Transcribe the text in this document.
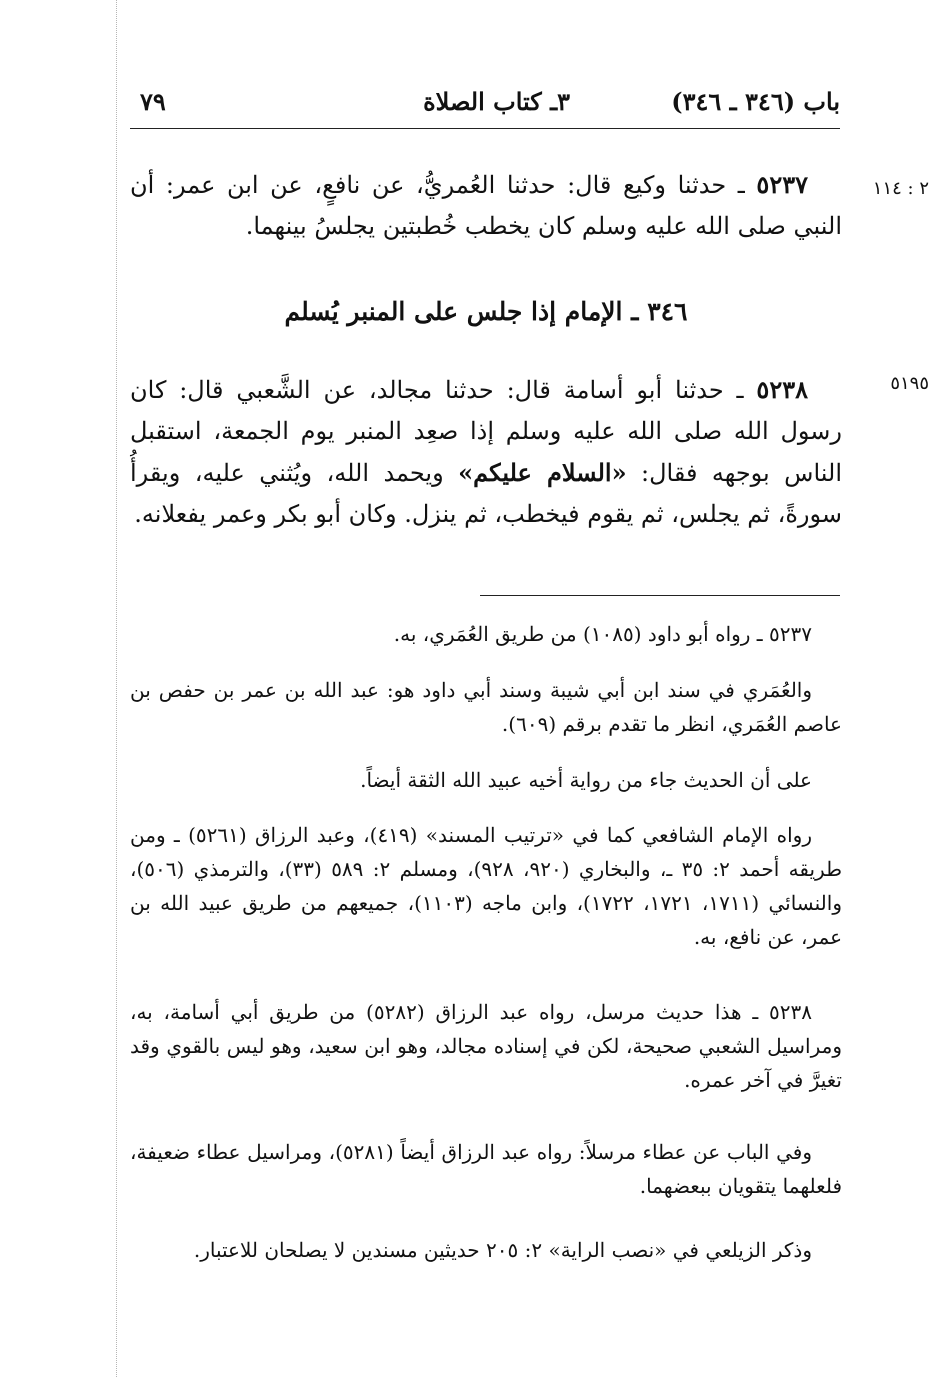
باب (٣٤٦ ـ ٣٤٦)
٣ـ كتاب الصلاة
٧٩
٢ : ١١٤
٥١٩٥

٥٢٣٧ ـ حدثنا وكيع قال: حدثنا العُمريُّ، عن نافعٍ، عن ابن عمر: أن النبي صلى الله عليه وسلم كان يخطب خُطبتين يجلسُ بينهما.

٣٤٦ ـ الإمام إذا جلس على المنبر يُسلم

٥٢٣٨ ـ حدثنا أبو أسامة قال: حدثنا مجالد، عن الشَّعبي قال: كان رسول الله صلى الله عليه وسلم إذا صعِد المنبر يوم الجمعة، استقبل الناس بوجهه فقال: «السلام عليكم» ويحمد الله، ويُثني عليه، ويقرأُ سورةً، ثم يجلس، ثم يقوم فيخطب، ثم ينزل. وكان أبو بكر وعمر يفعلانه.

٥٢٣٧ ـ رواه أبو داود (١٠٨٥) من طريق العُمَري، به.

والعُمَري في سند ابن أبي شيبة وسند أبي داود هو: عبد الله بن عمر بن حفص بن عاصم العُمَري، انظر ما تقدم برقم (٦٠٩).

على أن الحديث جاء من رواية أخيه عبيد الله الثقة أيضاً.

رواه الإمام الشافعي كما في «ترتيب المسند» (٤١٩)، وعبد الرزاق (٥٢٦١) ـ ومن طريقه أحمد ٢: ٣٥ ـ، والبخاري (٩٢٠، ٩٢٨)، ومسلم ٢: ٥٨٩ (٣٣)، والترمذي (٥٠٦)، والنسائي (١٧١١، ١٧٢١، ١٧٢٢)، وابن ماجه (١١٠٣)، جميعهم من طريق عبيد الله بن عمر، عن نافع، به.

٥٢٣٨ ـ هذا حديث مرسل، رواه عبد الرزاق (٥٢٨٢) من طريق أبي أسامة، به، ومراسيل الشعبي صحيحة، لكن في إسناده مجالد، وهو ابن سعيد، وهو ليس بالقوي وقد تغيرَّ في آخر عمره.

وفي الباب عن عطاء مرسلاً: رواه عبد الرزاق أيضاً (٥٢٨١)، ومراسيل عطاء ضعيفة، فلعلهما يتقويان ببعضهما.

وذكر الزيلعي في «نصب الراية» ٢: ٢٠٥ حديثين مسندين لا يصلحان للاعتبار.
